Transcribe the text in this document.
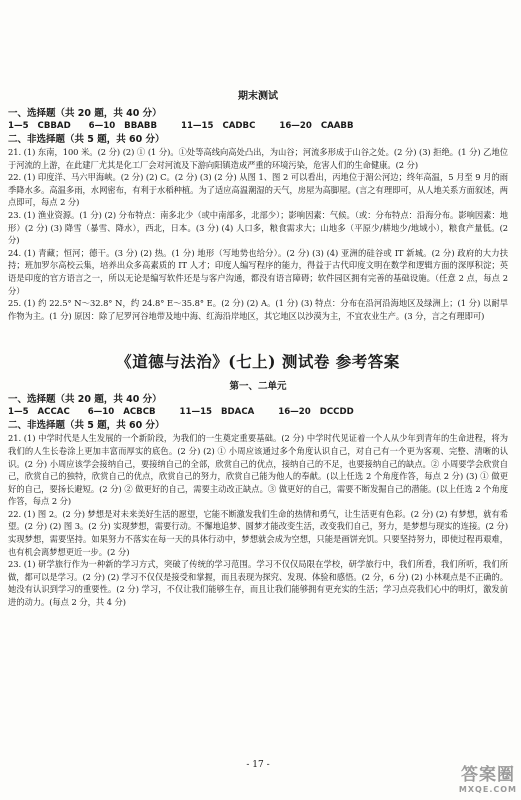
期末测试
一、选择题（共 20 题，共 40 分）
1—5   CBBAD      6—10   BBABB        11—15   CADBC        16—20   CAABB
二、非选择题（共 5 题，共 60 分）
21. (1) 东南，100 米。(2 分) (2) ① (1 分)。①处等高线向高处凸出，为山谷；河流多形成于山谷之处。(2 分) (3) 拒绝。(1 分) 乙地位于河流的上游，在此建厂尤其是化工厂会对河流及下游向阳镇造成严重的环境污染，危害人们的生命健康。(2 分)
22. (1) 印度洋、马六甲海峡。(2 分) (2) C。(2 分) (3) (2 分) 从图 1、图 2 可以看出，丙地位于湄公河边；终年高温，5 月至 9 月的雨季降水多。高温多雨，水网密布，有利于水稻种植。为了适应高温潮湿的天气，房屋为高脚屋。(言之有理即可，从人地关系方面叙述，两点即可，每点 2 分)
23. (1) 渔业资源。(1 分) (2) 分布特点：南多北少（或中南部多，北部少）；影响因素：气候。（或：分布特点：沿海分布。影响因素：地形）(2 分) (3) 降雪（暴雪、降水），西北，日本。(3 分) (4) 人口多，粮食需求大；山地多（平原少/耕地少/地域小），粮食产量低。(2 分)
24. (1) 青藏；恒河；德干。(3 分) (2) 热。(1 分) 地形（写地势也给分）。(2 分) (3) (4) 亚洲的硅谷或 IT 新城。(2 分) 政府的大力扶持；班加罗尔高校云集，培养出众多高素质的 IT 人才；印度人编写程序的能力，得益于古代印度文明在数学和逻辑方面的深厚积淀；英语是印度的官方语言之一，所以无论是编写软件还是与客户沟通，都没有语言障碍；软件园区拥有完善的基础设施。（任意 2 点，每点 2 分）
25. (1) 约 22.5° N～32.8° N，约 24.8° E～35.8° E。(2 分) (2) A。(1 分) (3) 特点：分布在沿河沿海地区及绿洲上；(1 分) 以耐旱作物为主。(1 分) 原因：除了尼罗河谷地带及地中海、红海沿岸地区，其它地区以沙漠为主，不宜农业生产。(3 分，言之有理即可)
《道德与法治》(七上) 测试卷 参考答案
第一、二单元
一、选择题（共 20 题，共 40 分）
1—5   ACCAC      6—10   ACBCB        11—15   BDACA        16—20   DCCDD
二、非选择题（共 5 题，共 60 分）
21. (1) 中学时代是人生发展的一个新阶段，为我们的一生奠定重要基础。(2 分) 中学时代见证着一个人从少年到青年的生命进程，将为我们的人生长卷涂上更加丰富而厚实的底色。(2 分) (2) ① 小周应该通过多个角度认识自己，对自己有一个更为客观、完整、清晰的认识。(2 分) 小周应该学会接纳自己，要接纳自己的全部，欣赏自己的优点，接纳自己的不足，也要接纳自己的缺点。② 小周要学会欣赏自己，欣赏自己的独特，欣赏自己的优点，欣赏自己的努力，欣赏自己能为他人的奉献。(以上任选 2 个角度作答，每点 2 分) (3) ① 做更好的自己，要扬长避短。(2 分) ② 做更好的自己，需要主动改正缺点。③ 做更好的自己，需要不断发掘自己的潜能。(以上任选 2 个角度作答，每点 2 分)
22. (1) 图 2。(2 分) 梦想是对未来美好生活的愿望，它能不断激发我们生命的热情和勇气，让生活更有色彩。(2 分) (2) 有梦想，就有希望。(2 分) (2) 图 3。(2 分) 实现梦想，需要行动。不懈地追梦、圆梦才能改变生活，改变我们自己，努力，是梦想与现实的连接。(2 分) 实现梦想，需要坚持。如果努力不落实在每一天的具体行动中，梦想就会成为空想，只能是画饼充饥。只要坚持努力，即使过程再艰难，也有机会离梦想更近一步。(2 分)
23. (1) 研学旅行作为一种新的学习方式，突破了传统的学习范围。学习不仅仅局限在学校，研学旅行中，我们所看，我们所听，我们所做，都可以是学习。(2 分) (2) 学习不仅仅是接受和掌握，而且表现为探究、发现、体验和感悟。(2 分，6 分) (2) 小林观点是不正确的。她没有认识到学习的重要性。(2 分) 学习，不仅让我们能够生存，而且让我们能够拥有更充实的生活；学习点亮我们心中的明灯，激发前进的动力。(每点 2 分，共 4 分)
- 17 -	答案圈
MXQE.COM
